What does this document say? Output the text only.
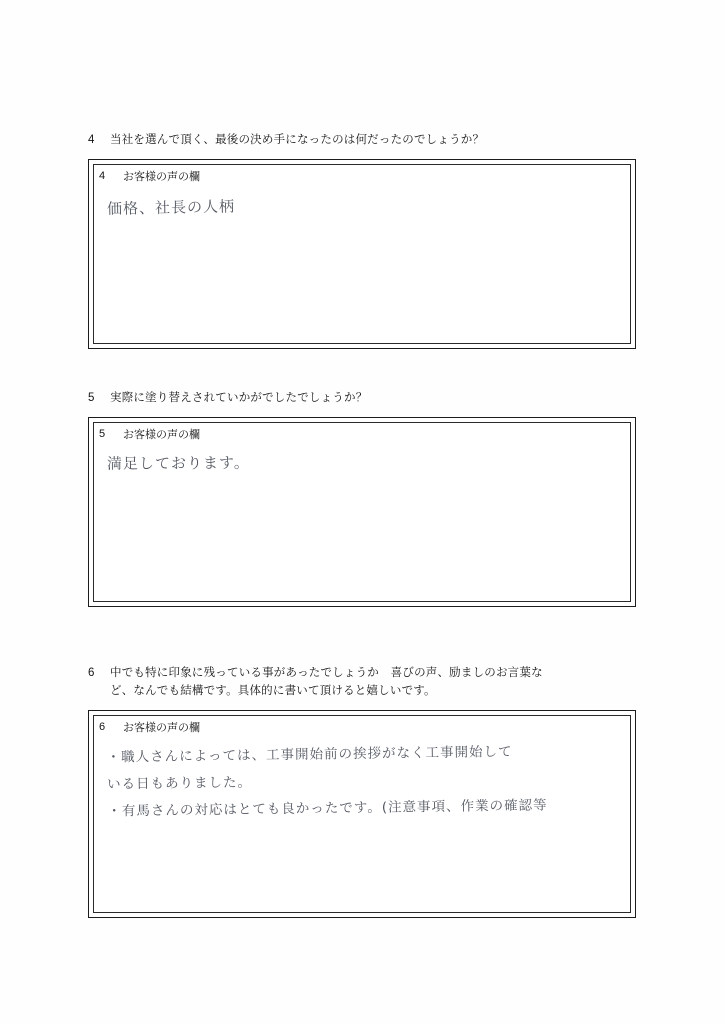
4	当社を選んで頂く、最後の決め手になったのは何だったのでしょうか？
4	お客様の声の欄
価格、社長の人柄
5	実際に塗り替えされていかがでしたでしょうか？
5	お客様の声の欄
満足しております。
6	中でも特に印象に残っている事があったでしょうか　喜びの声、励ましのお言葉な
ど、なんでも結構です。具体的に書いて頂けると嬉しいです。
6	お客様の声の欄
・職人さんによっては、工事開始前の挨拶がなく工事開始して
いる日もありました。
・有馬さんの対応はとても良かったです。(注意事項、作業の確認等
